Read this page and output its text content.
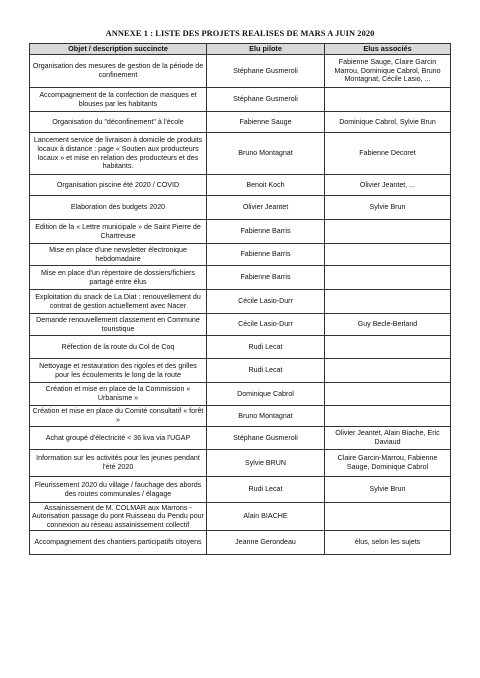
ANNEXE 1 : LISTE DES PROJETS REALISES DE MARS A JUIN 2020
Objet / description succincte	Elu pilote	Elus associés
Organisation des mesures de gestion de la période de confinement	Stéphane Gusmeroli	Fabienne Sauge, Claire Garcin Marrou, Dominique Cabrol, Bruno Montagnat, Cécile Lasio, ...
Accompagnement de la confection de masques et blouses par les habitants	Stéphane Gusmeroli	
Organisation du "déconfinement" à l'école	Fabienne Sauge	Dominique Cabrol, Sylvie Brun
Lancement service de livraison à domicile de produits locaux à distance : page « Soutien aux producteurs locaux » et mise en relation des producteurs et des habitants.	Bruno Montagnat	Fabienne Decoret
Organisation piscine été 2020 / COVID	Benoit Koch	Olivier Jeantet, ...
Elaboration des budgets 2020	Olivier Jeantet	Sylvie Brun
Edition de la « Lettre municipale » de Saint Pierre de Chartreuse	Fabienne Barris	
Mise en place d'une newsletter électronique hebdomadaire	Fabienne Barris	
Mise en place d'un répertoire de dossiers/fichiers partagé entre élus	Fabienne Barris	
Exploitation du snack de La Diat : renouvellement du contrat de gestion actuellement avec Nacer	Cécile Lasio-Durr	
Demande renouvellement classement en Commune touristique	Cécile Lasio-Durr	Guy Becle-Berland
Réfection de la route du Col de Coq	Rudi Lecat	
Nettoyage et restauration des rigoles et des grilles pour les écoulements le long de la route	Rudi Lecat	
Création et mise en place de la Commission « Urbanisme »	Dominique Cabrol	
Création et mise en place du Comité consultatif « forêt »	Bruno Montagnat	
Achat groupé d'électricité < 36 kva via l'UGAP	Stéphane Gusmeroli	Olivier Jeantet, Alain Biache, Eric Daviaud
Information sur les activités pour les jeunes pendant l'été 2020	Sylvie BRUN	Claire Garcin-Marrou, Fabienne Sauge, Dominique Cabrol
Fleurissement 2020 du village / fauchage des abords des routes communales / élagage	Rudi Lecat	Sylvie Brun
Assainissement de M. COLMAR aux Marrons - Autorisation passage du pont Ruisseau du Pendu pour connexion au réseau assainissement collectif	Alain BIACHE	
Accompagnement des chantiers participatifs citoyens	Jeanne Gerondeau	élus, selon les sujets
